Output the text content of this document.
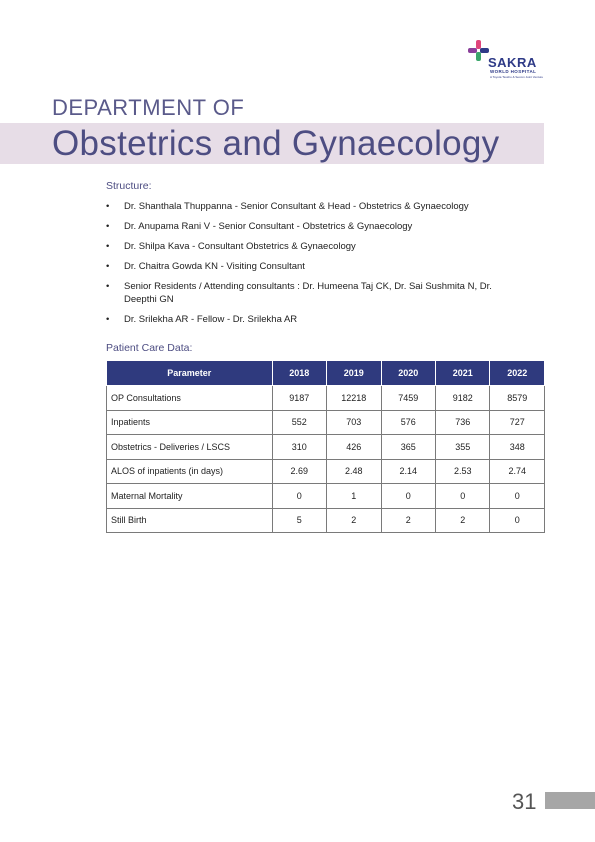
SAKRA
WORLD HOSPITAL
A Toyota Tsusho & Secom Joint Venture
DEPARTMENT OF
Obstetrics and Gynaecology
Structure:
• Dr. Shanthala Thuppanna - Senior Consultant & Head - Obstetrics & Gynaecology
• Dr. Anupama Rani V - Senior Consultant - Obstetrics & Gynaecology
• Dr. Shilpa Kava - Consultant Obstetrics & Gynaecology
• Dr. Chaitra Gowda KN - Visiting Consultant
• Senior Residents / Attending consultants : Dr. Humeena Taj CK, Dr. Sai Sushmita N, Dr. Deepthi GN
• Dr. Srilekha AR - Fellow - Dr. Srilekha AR
Patient Care Data:
Parameter	2018	2019	2020	2021	2022
OP Consultations	9187	12218	7459	9182	8579
Inpatients	552	703	576	736	727
Obstetrics - Deliveries / LSCS	310	426	365	355	348
ALOS of inpatients (in days)	2.69	2.48	2.14	2.53	2.74
Maternal Mortality	0	1	0	0	0
Still Birth	5	2	2	2	0
31
